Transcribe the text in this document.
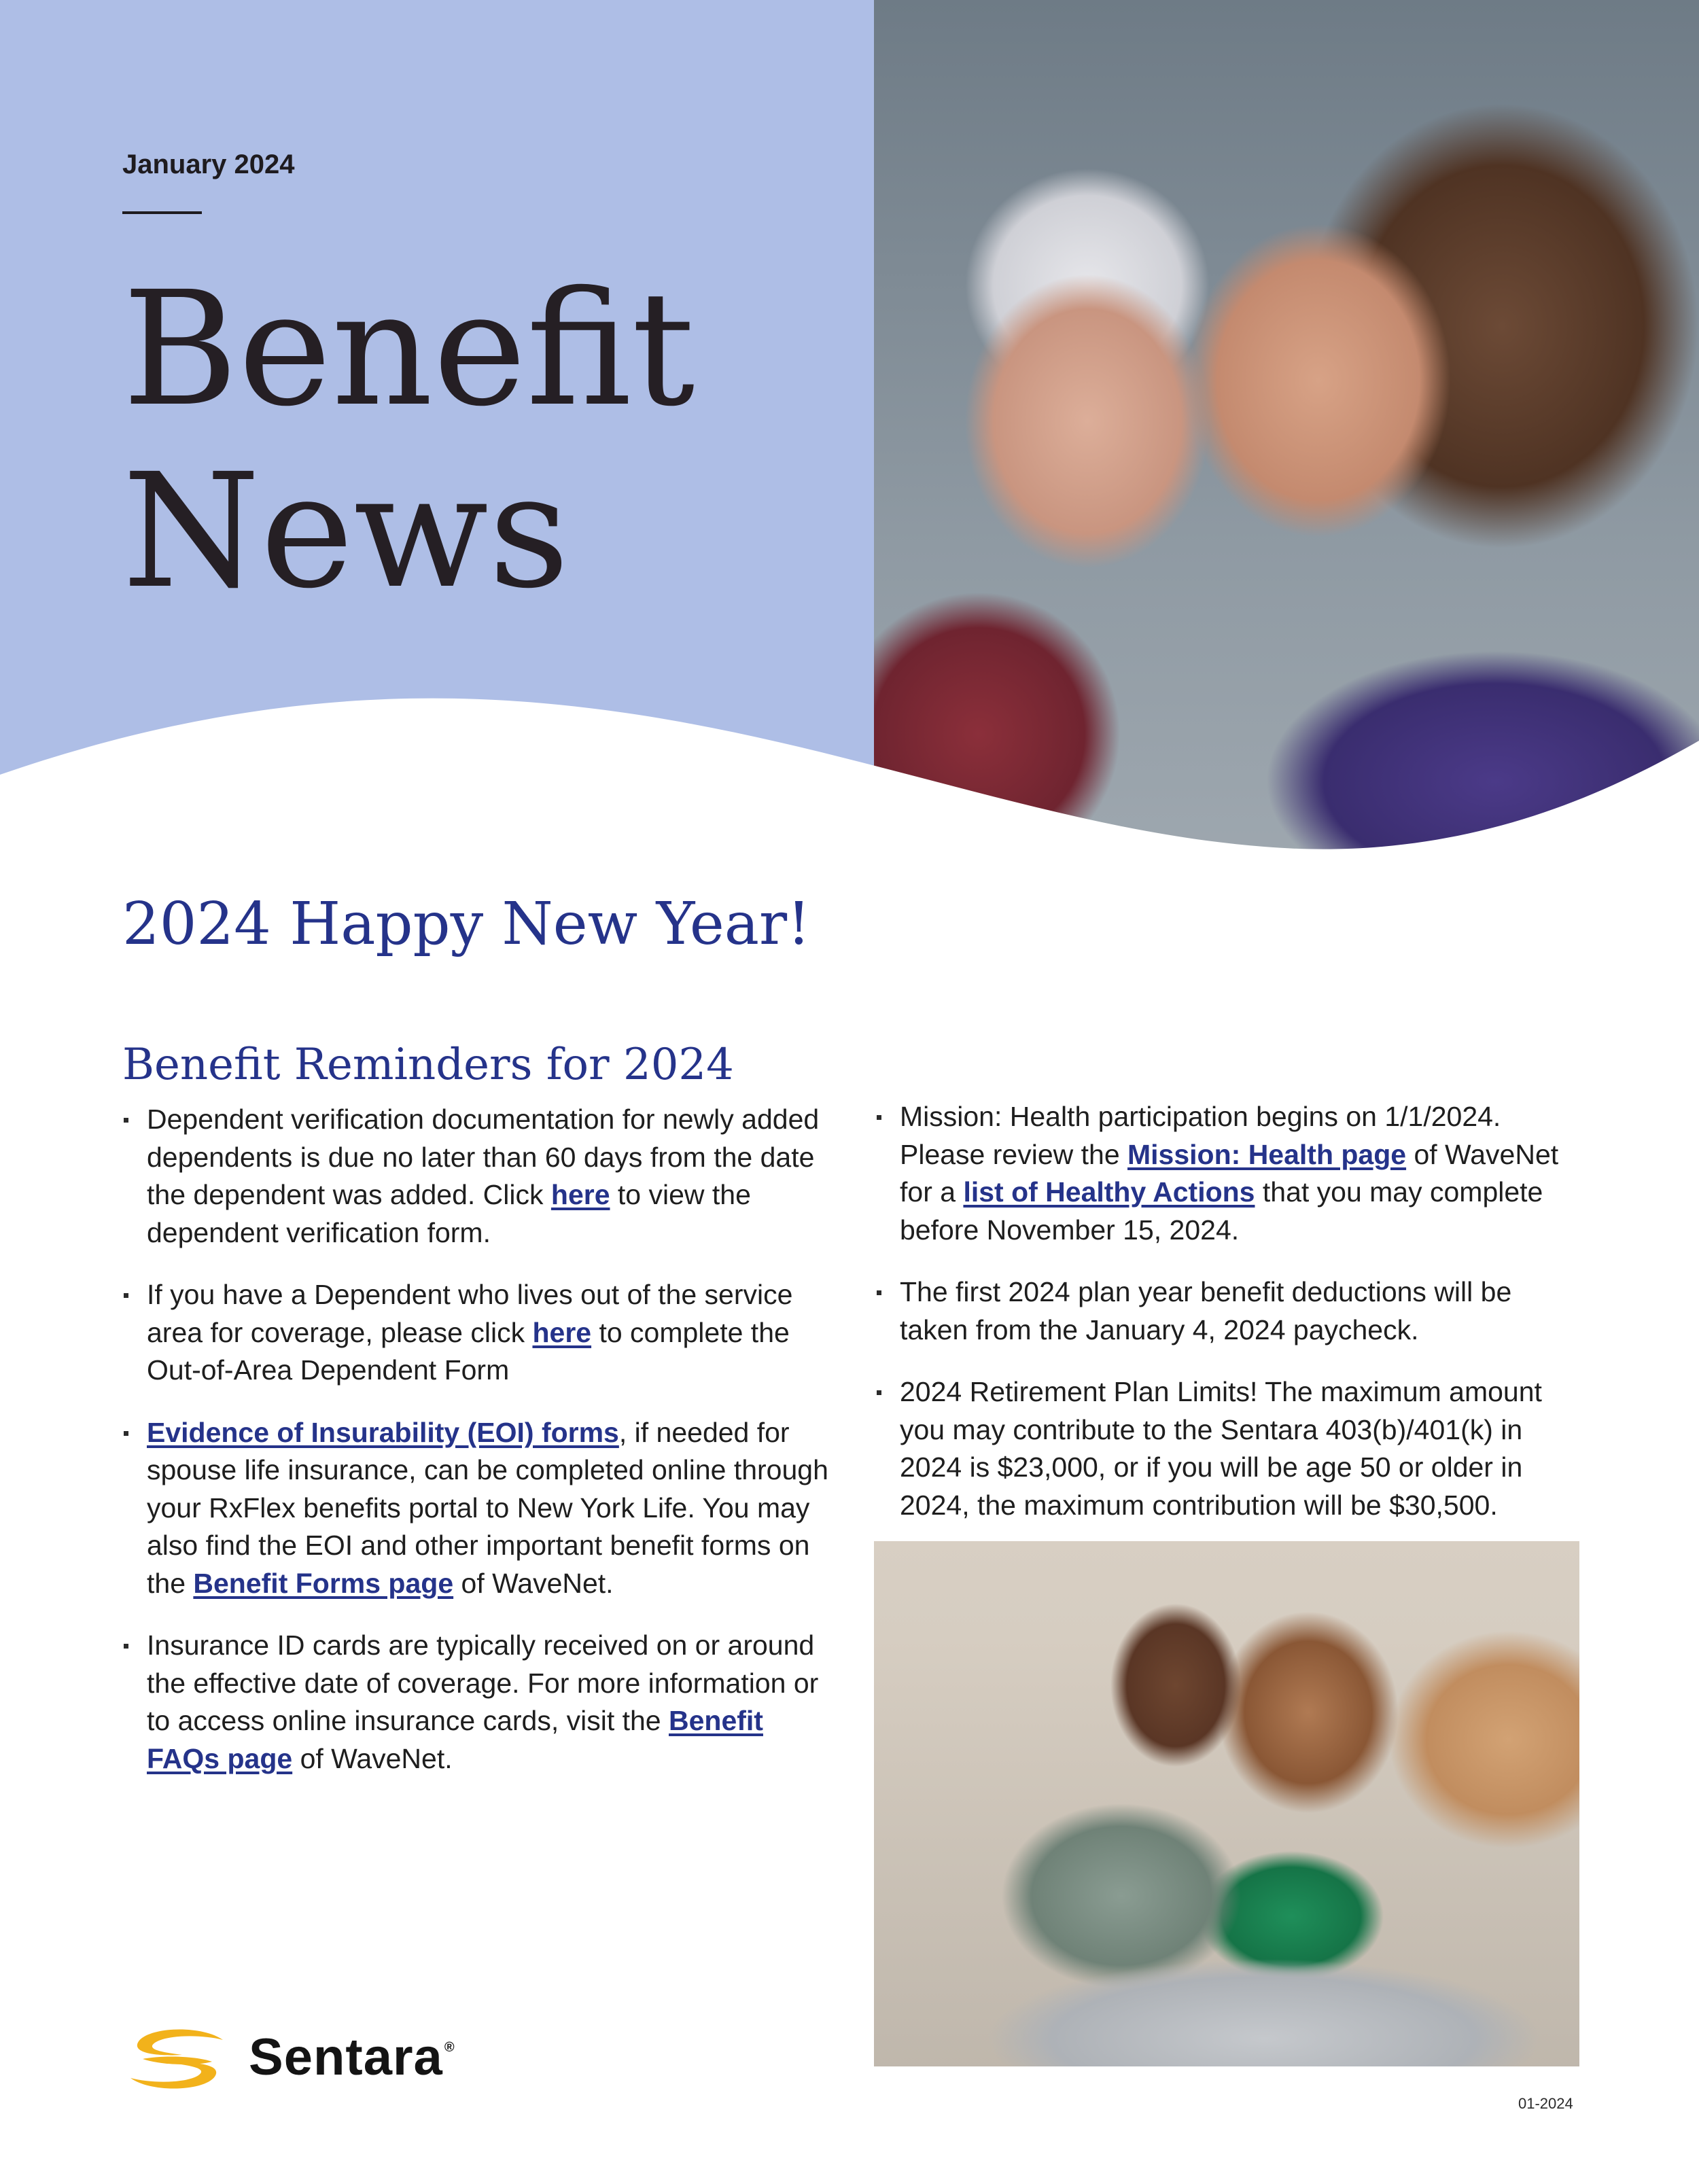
January 2024
Benefit
News
2024 Happy New Year!
Benefit Reminders for 2024
Dependent verification documentation for newly added dependents is due no later than 60 days from the date the dependent was added. Click here to view the dependent verification form.
If you have a Dependent who lives out of the service area for coverage, please click here to complete the Out-of-Area Dependent Form
Evidence of Insurability (EOI) forms, if needed for spouse life insurance, can be completed online through your RxFlex benefits portal to New York Life. You may also find the EOI and other important benefit forms on the Benefit Forms page of WaveNet.
Insurance ID cards are typically received on or around the effective date of coverage. For more information or to access online insurance cards, visit the Benefit FAQs page of WaveNet.
Mission: Health participation begins on 1/1/2024. Please review the Mission: Health page of WaveNet for a list of Healthy Actions that you may complete before November 15, 2024.
The first 2024 plan year benefit deductions will be taken from the January 4, 2024 paycheck.
2024 Retirement Plan Limits! The maximum amount you may contribute to the Sentara 403(b)/401(k) in 2024 is $23,000, or if you will be age 50 or older in 2024, the maximum contribution will be $30,500.
Sentara ®
01-2024
